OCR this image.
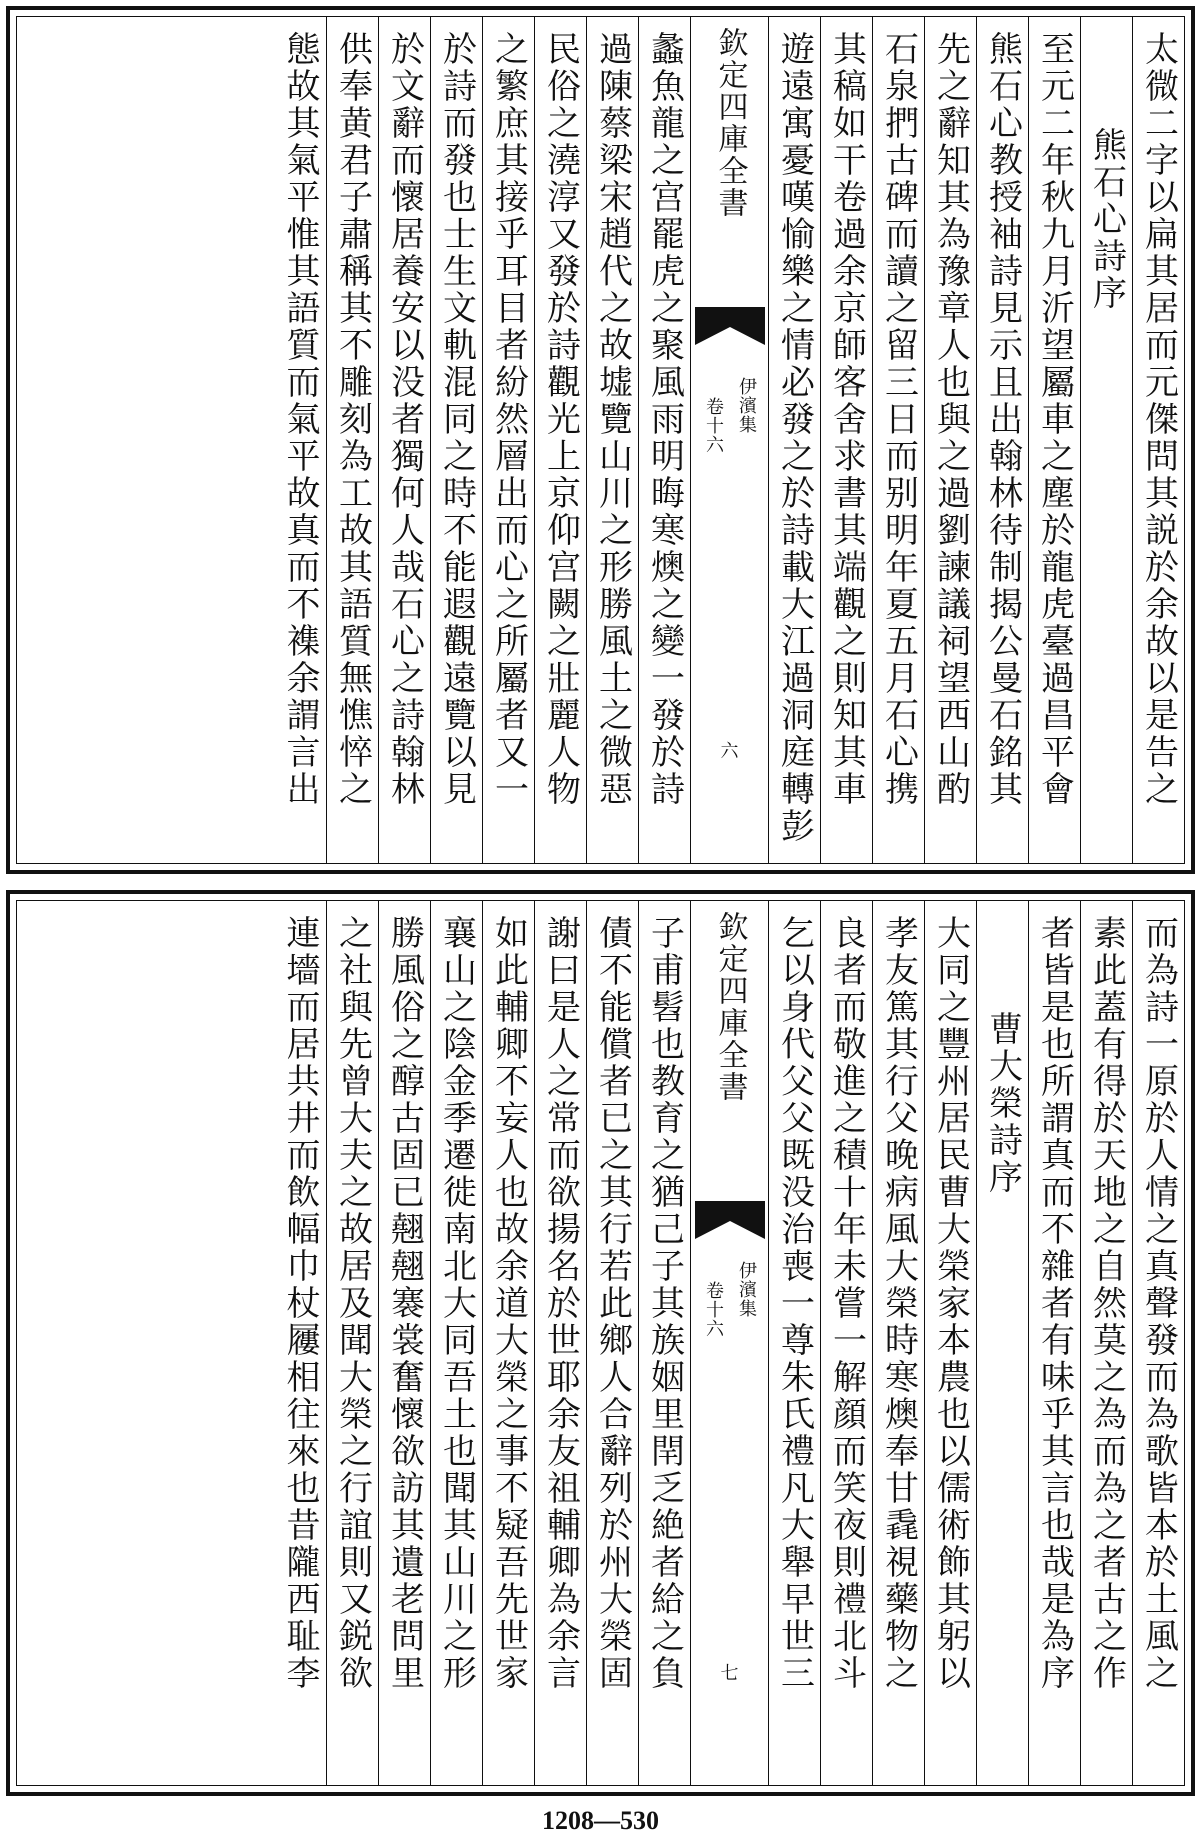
太微二字以扁其居而元傑問其説於余故以是告之
熊石心詩序
至元二年秋九月沂望屬車之塵於龍虎臺過昌平會
熊石心教授袖詩見示且出翰林待制揭公曼石銘其
先之辭知其為豫章人也與之過劉諫議祠望西山酌
石泉捫古碑而讀之留三日而别明年夏五月石心携
其稿如干卷過余京師客舍求書其端觀之則知其車
遊遠寓憂嘆愉樂之情必發之於詩載大江過洞庭轉彭
欽定四庫全書
伊濱集
卷十六
六
蠡魚龍之宫罷虎之聚風雨明晦寒燠之變一發於詩
過陳蔡梁宋趙代之故墟覽山川之形勝風土之微惡
民俗之澆淳又發於詩觀光上京仰宫闕之壯麗人物
之繁庶其接乎耳目者紛然層出而心之所屬者又一
於詩而發也士生文軌混同之時不能遐觀遠覽以見
於文辭而懷居養安以没者獨何人哉石心之詩翰林
供奉黄君子肅稱其不雕刻為工故其語質無憔悴之
態故其氣平惟其語質而氣平故真而不襍余謂言出
而為詩一原於人情之真聲發而為歌皆本於土風之
素此蓋有得於天地之自然莫之為而為之者古之作
者皆是也所謂真而不雜者有味乎其言也哉是為序
曹大榮詩序
大同之豐州居民曹大榮家本農也以儒術飾其躬以
孝友篤其行父晚病風大榮時寒燠奉甘毳視藥物之
良者而敬進之積十年未嘗一解顔而笑夜則禮北斗
乞以身代父父既没治喪一尊朱氏禮凡大舉早世三
欽定四庫全書
伊濱集
卷十六
七
子甫髫也教育之猶己子其族姻里閈乏絶者給之負
債不能償者已之其行若此鄉人合辭列於州大榮固
謝曰是人之常而欲揚名於世耶余友祖輔卿為余言
如此輔卿不妄人也故余道大榮之事不疑吾先世家
襄山之陰金季遷徙南北大同吾土也聞其山川之形
勝風俗之醇古固已翹翹褰裳奮懷欲訪其遺老問里
之社與先曾大夫之故居及聞大榮之行誼則又鋭欲
連墻而居共井而飲幅巾杖屨相往來也昔隴西耻李
1208—530
